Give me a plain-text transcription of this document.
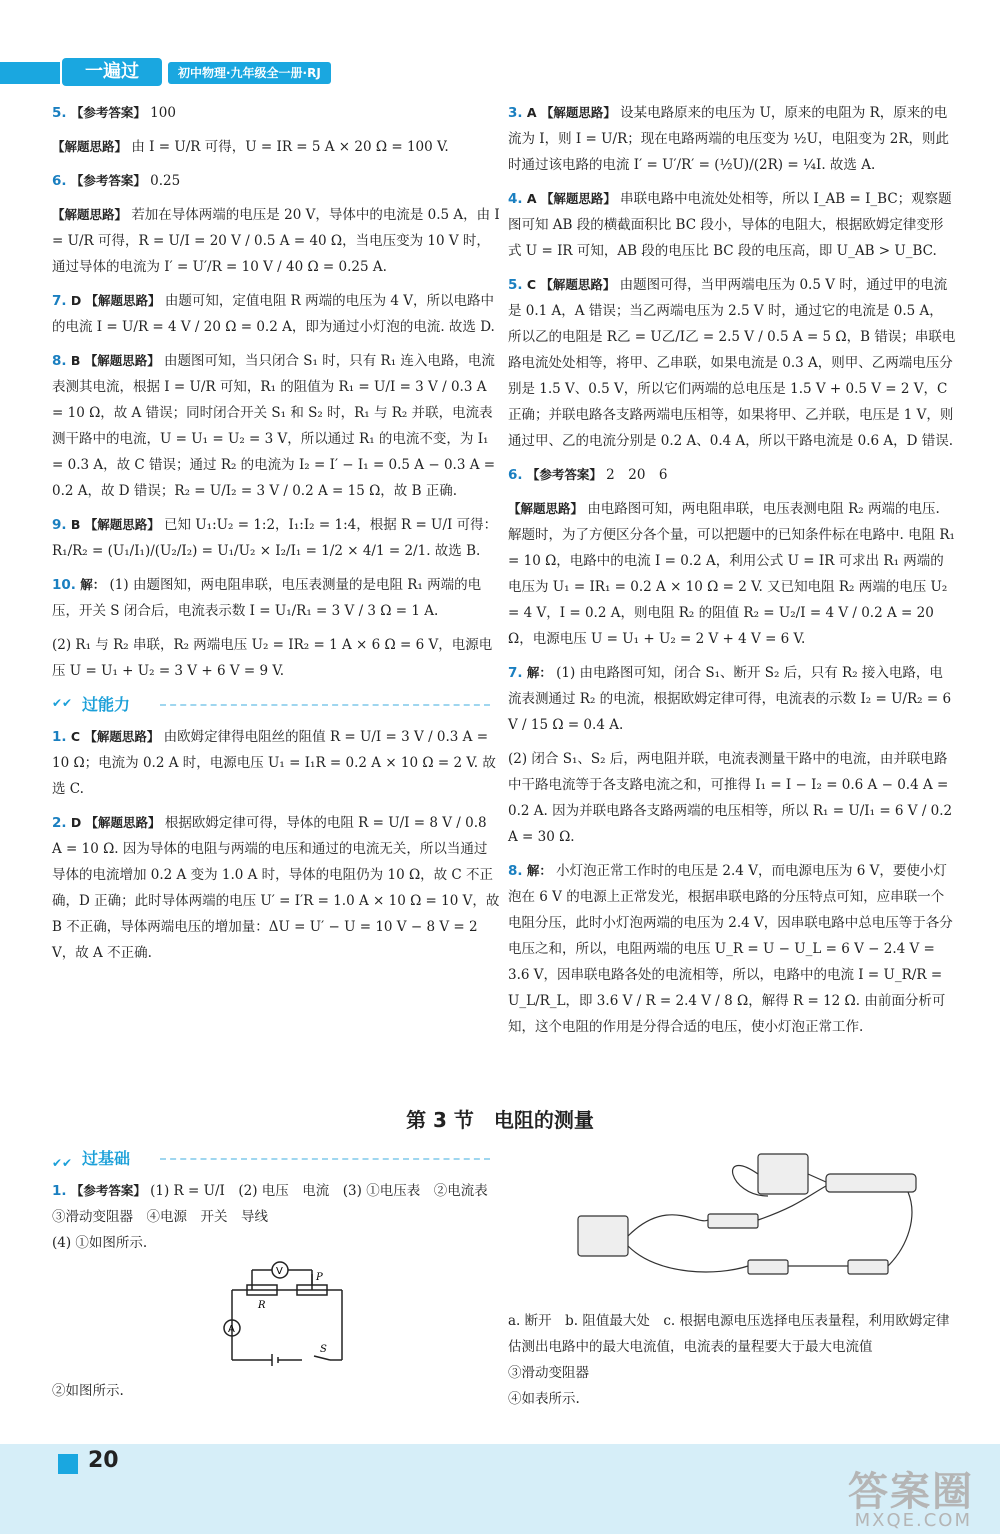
一遍过	初中物理·九年级全一册·RJ
5. 【参考答案】 100
【解题思路】 由 I = U/R 可得，U = IR = 5 A × 20 Ω = 100 V.
6. 【参考答案】 0.25
【解题思路】 若加在导体两端的电压是 20 V，导体中的电流是 0.5 A，由 I = U/R 可得，R = U/I = 20 V / 0.5 A = 40 Ω，当电压变为 10 V 时，通过导体的电流为 I′ = U′/R = 10 V / 40 Ω = 0.25 A.
7. D 【解题思路】 由题可知，定值电阻 R 两端的电压为 4 V，所以电路中的电流 I = U/R = 4 V / 20 Ω = 0.2 A，即为通过小灯泡的电流. 故选 D.
8. B 【解题思路】 由题图可知，当只闭合 S₁ 时，只有 R₁ 连入电路，电流表测其电流，根据 I = U/R 可知，R₁ 的阻值为 R₁ = U/I = 3 V / 0.3 A = 10 Ω，故 A 错误；同时闭合开关 S₁ 和 S₂ 时，R₁ 与 R₂ 并联，电流表测干路中的电流，U = U₁ = U₂ = 3 V，所以通过 R₁ 的电流不变，为 I₁ = 0.3 A，故 C 错误；通过 R₂ 的电流为 I₂ = I′ − I₁ = 0.5 A − 0.3 A = 0.2 A，故 D 错误；R₂ = U/I₂ = 3 V / 0.2 A = 15 Ω，故 B 正确.
9. B 【解题思路】 已知 U₁:U₂ = 1:2，I₁:I₂ = 1:4，根据 R = U/I 可得：R₁/R₂ = (U₁/I₁)/(U₂/I₂) = U₁/U₂ × I₂/I₁ = 1/2 × 4/1 = 2/1. 故选 B.
10. 解： (1) 由题图知，两电阻串联，电压表测量的是电阻 R₁ 两端的电压，开关 S 闭合后，电流表示数 I = U₁/R₁ = 3 V / 3 Ω = 1 A.
(2) R₁ 与 R₂ 串联，R₂ 两端电压 U₂ = IR₂ = 1 A × 6 Ω = 6 V，电源电压 U = U₁ + U₂ = 3 V + 6 V = 9 V.
✔✔ 过能力
1. C 【解题思路】 由欧姆定律得电阻丝的阻值 R = U/I = 3 V / 0.3 A = 10 Ω；电流为 0.2 A 时，电源电压 U₁ = I₁R = 0.2 A × 10 Ω = 2 V. 故选 C.
2. D 【解题思路】 根据欧姆定律可得，导体的电阻 R = U/I = 8 V / 0.8 A = 10 Ω. 因为导体的电阻与两端的电压和通过的电流无关，所以当通过导体的电流增加 0.2 A 变为 1.0 A 时，导体的电阻仍为 10 Ω，故 C 不正确，D 正确；此时导体两端的电压 U′ = I′R = 1.0 A × 10 Ω = 10 V，故 B 不正确，导体两端电压的增加量：ΔU = U′ − U = 10 V − 8 V = 2 V，故 A 不正确.
3. A 【解题思路】 设某电路原来的电压为 U，原来的电阻为 R，原来的电流为 I，则 I = U/R；现在电路两端的电压变为 ½U，电阻变为 2R，则此时通过该电路的电流 I′ = U′/R′ = (½U)/(2R) = ¼I. 故选 A.
4. A 【解题思路】 串联电路中电流处处相等，所以 I_AB = I_BC；观察题图可知 AB 段的横截面积比 BC 段小，导体的电阻大，根据欧姆定律变形式 U = IR 可知，AB 段的电压比 BC 段的电压高，即 U_AB > U_BC.
5. C 【解题思路】 由题图可得，当甲两端电压为 0.5 V 时，通过甲的电流是 0.1 A，A 错误；当乙两端电压为 2.5 V 时，通过它的电流是 0.5 A，所以乙的电阻是 R乙 = U乙/I乙 = 2.5 V / 0.5 A = 5 Ω，B 错误；串联电路电流处处相等，将甲、乙串联，如果电流是 0.3 A，则甲、乙两端电压分别是 1.5 V、0.5 V，所以它们两端的总电压是 1.5 V + 0.5 V = 2 V，C 正确；并联电路各支路两端电压相等，如果将甲、乙并联，电压是 1 V，则通过甲、乙的电流分别是 0.2 A、0.4 A，所以干路电流是 0.6 A，D 错误.
6. 【参考答案】 2　20　6
【解题思路】 由电路图可知，两电阻串联，电压表测电阻 R₂ 两端的电压. 解题时，为了方便区分各个量，可以把题中的已知条件标在电路中. 电阻 R₁ = 10 Ω，电路中的电流 I = 0.2 A，利用公式 U = IR 可求出 R₁ 两端的电压为 U₁ = IR₁ = 0.2 A × 10 Ω = 2 V. 又已知电阻 R₂ 两端的电压 U₂ = 4 V，I = 0.2 A，则电阻 R₂ 的阻值 R₂ = U₂/I = 4 V / 0.2 A = 20 Ω，电源电压 U = U₁ + U₂ = 2 V + 4 V = 6 V.
7. 解： (1) 由电路图可知，闭合 S₁、断开 S₂ 后，只有 R₂ 接入电路，电流表测通过 R₂ 的电流，根据欧姆定律可得，电流表的示数 I₂ = U/R₂ = 6 V / 15 Ω = 0.4 A.
(2) 闭合 S₁、S₂ 后，两电阻并联，电流表测量干路中的电流，由并联电路中干路电流等于各支路电流之和，可推得 I₁ = I − I₂ = 0.6 A − 0.4 A = 0.2 A. 因为并联电路各支路两端的电压相等，所以 R₁ = U/I₁ = 6 V / 0.2 A = 30 Ω.
8. 解： 小灯泡正常工作时的电压是 2.4 V，而电源电压为 6 V，要使小灯泡在 6 V 的电源上正常发光，根据串联电路的分压特点可知，应串联一个电阻分压，此时小灯泡两端的电压为 2.4 V，因串联电路中总电压等于各分电压之和，所以，电阻两端的电压 U_R = U − U_L = 6 V − 2.4 V = 3.6 V，因串联电路各处的电流相等，所以，电路中的电流 I = U_R/R = U_L/R_L，即 3.6 V / R = 2.4 V / 8 Ω，解得 R = 12 Ω. 由前面分析可知，这个电阻的作用是分得合适的电压，使小灯泡正常工作.
第 3 节　电阻的测量
✔✔ 过基础
1. 【参考答案】 (1) R = U/I　(2) 电压　电流　(3) ①电压表　②电流表　③滑动变阻器　④电源　开关　导线
(4) ①如图所示.
V
A
R
P
S
②如图所示.
a. 断开　b. 阻值最大处　c. 根据电源电压选择电压表量程，利用欧姆定律估测出电路中的最大电流值，电流表的量程要大于最大电流值
③滑动变阻器
④如表所示.
20
答案圈
MXQE.COM
